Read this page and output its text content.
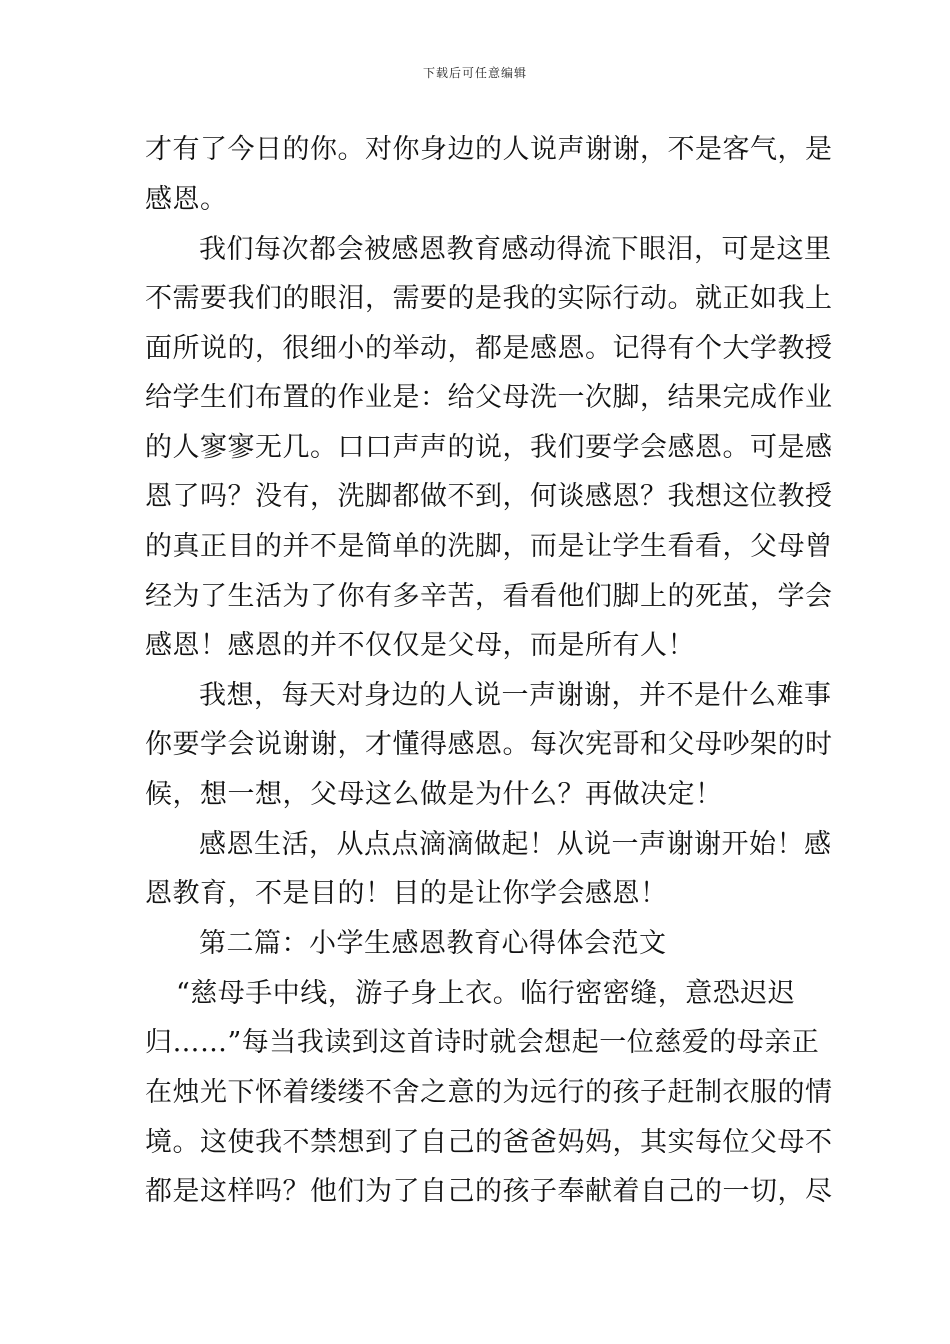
下载后可任意编辑
才有了今日的你。对你身边的人说声谢谢，不是客气，是
感恩。
我们每次都会被感恩教育感动得流下眼泪，可是这里
不需要我们的眼泪，需要的是我的实际行动。就正如我上
面所说的，很细小的举动，都是感恩。记得有个大学教授
给学生们布置的作业是：给父母洗一次脚，结果完成作业
的人寥寥无几。口口声声的说，我们要学会感恩。可是感
恩了吗？没有，洗脚都做不到，何谈感恩？我想这位教授
的真正目的并不是简单的洗脚，而是让学生看看，父母曾
经为了生活为了你有多辛苦，看看他们脚上的死茧，学会
感恩！感恩的并不仅仅是父母，而是所有人！
我想，每天对身边的人说一声谢谢，并不是什么难事
你要学会说谢谢，才懂得感恩。每次宪哥和父母吵架的时
候，想一想，父母这么做是为什么？再做决定！
感恩生活，从点点滴滴做起！从说一声谢谢开始！感
恩教育，不是目的！目的是让你学会感恩！
第二篇：小学生感恩教育心得体会范文
“慈母手中线，游子身上衣。临行密密缝，意恐迟迟
归……”每当我读到这首诗时就会想起一位慈爱的母亲正
在烛光下怀着缕缕不舍之意的为远行的孩子赶制衣服的情
境。这使我不禁想到了自己的爸爸妈妈，其实每位父母不
都是这样吗？他们为了自己的孩子奉献着自己的一切，尽
